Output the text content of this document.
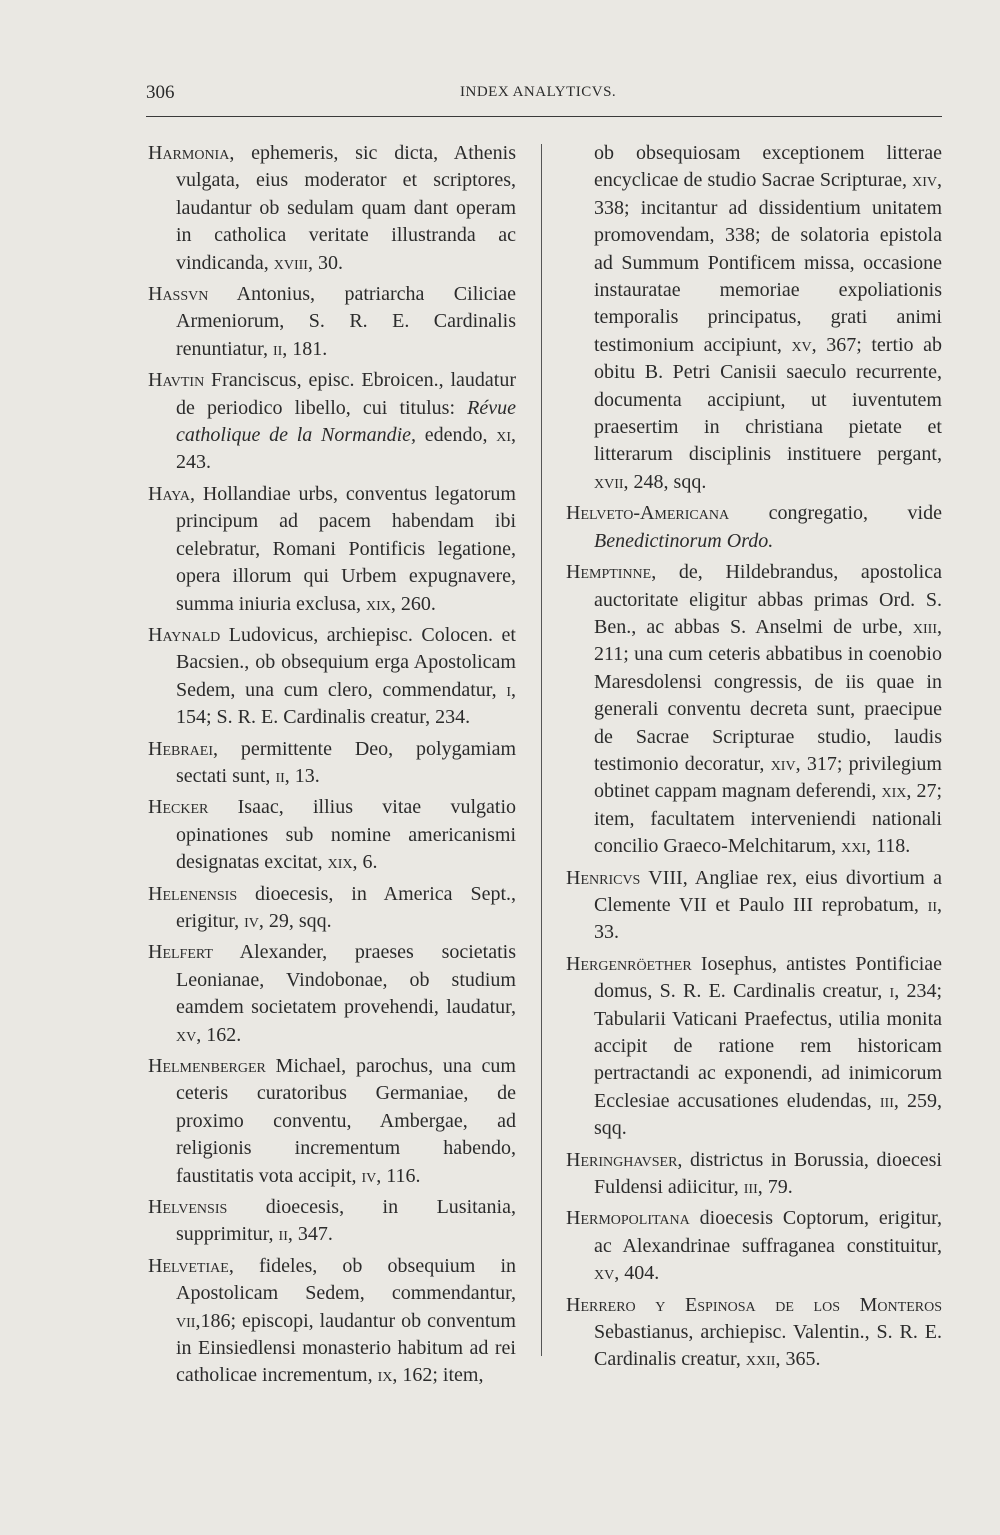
306	INDEX ANALYTICVS.

Harmonia, ephemeris, sic dicta, Athenis vulgata, eius moderator et scriptores, laudantur ob sedulam quam dant operam in catholica veritate illustranda ac vindicanda, xviii, 30.

Hassvn Antonius, patriarcha Ciliciae Armeniorum, S. R. E. Cardinalis renuntiatur, ii, 181.

Havtin Franciscus, episc. Ebroicen., laudatur de periodico libello, cui titulus: Révue catholique de la Normandie, edendo, xi, 243.

Haya, Hollandiae urbs, conventus legatorum principum ad pacem habendam ibi celebratur, Romani Pontificis legatione, opera illorum qui Urbem expugnavere, summa iniuria exclusa, xix, 260.

Haynald Ludovicus, archiepisc. Colocen. et Bacsien., ob obsequium erga Apostolicam Sedem, una cum clero, commendatur, i, 154; S. R. E. Cardinalis creatur, 234.

Hebraei, permittente Deo, polygamiam sectati sunt, ii, 13.

Hecker Isaac, illius vitae vulgatio opinationes sub nomine americanismi designatas excitat, xix, 6.

Helenensis dioecesis, in America Sept., erigitur, iv, 29, sqq.

Helfert Alexander, praeses societatis Leonianae, Vindobonae, ob studium eamdem societatem provehendi, laudatur, xv, 162.

Helmenberger Michael, parochus, una cum ceteris curatoribus Germaniae, de proximo conventu, Ambergae, ad religionis incrementum habendo, faustitatis vota accipit, iv, 116.

Helvensis dioecesis, in Lusitania, supprimitur, ii, 347.

Helvetiae, fideles, ob obsequium in Apostolicam Sedem, commendantur, vii,186; episcopi, laudantur ob conventum in Einsiedlensi monasterio habitum ad rei catholicae incrementum, ix, 162; item,

ob obsequiosam exceptionem litterae encyclicae de studio Sacrae Scripturae, xiv, 338; incitantur ad dissidentium unitatem promovendam, 338; de solatoria epistola ad Summum Pontificem missa, occasione instauratae memoriae expoliationis temporalis principatus, grati animi testimonium accipiunt, xv, 367; tertio ab obitu B. Petri Canisii saeculo recurrente, documenta accipiunt, ut iuventutem praesertim in christiana pietate et litterarum disciplinis instituere pergant, xvii, 248, sqq.

Helveto-Americana congregatio, vide Benedictinorum Ordo.

Hemptinne, de, Hildebrandus, apostolica auctoritate eligitur abbas primas Ord. S. Ben., ac abbas S. Anselmi de urbe, xiii, 211; una cum ceteris abbatibus in coenobio Maresdolensi congressis, de iis quae in generali conventu decreta sunt, praecipue de Sacrae Scripturae studio, laudis testimonio decoratur, xiv, 317; privilegium obtinet cappam magnam deferendi, xix, 27; item, facultatem interveniendi nationali concilio Graeco-Melchitarum, xxi, 118.

Henricvs VIII, Angliae rex, eius divortium a Clemente VII et Paulo III reprobatum, ii, 33.

Hergenröether Iosephus, antistes Pontificiae domus, S. R. E. Cardinalis creatur, i, 234; Tabularii Vaticani Praefectus, utilia monita accipit de ratione rem historicam pertractandi ac exponendi, ad inimicorum Ecclesiae accusationes eludendas, iii, 259, sqq.

Heringhavser, districtus in Borussia, dioecesi Fuldensi adiicitur, iii, 79.

Hermopolitana dioecesis Coptorum, erigitur, ac Alexandrinae suffraganea constituitur, xv, 404.

Herrero y Espinosa de los Monteros Sebastianus, archiepisc. Valentin., S. R. E. Cardinalis creatur, xxii, 365.
